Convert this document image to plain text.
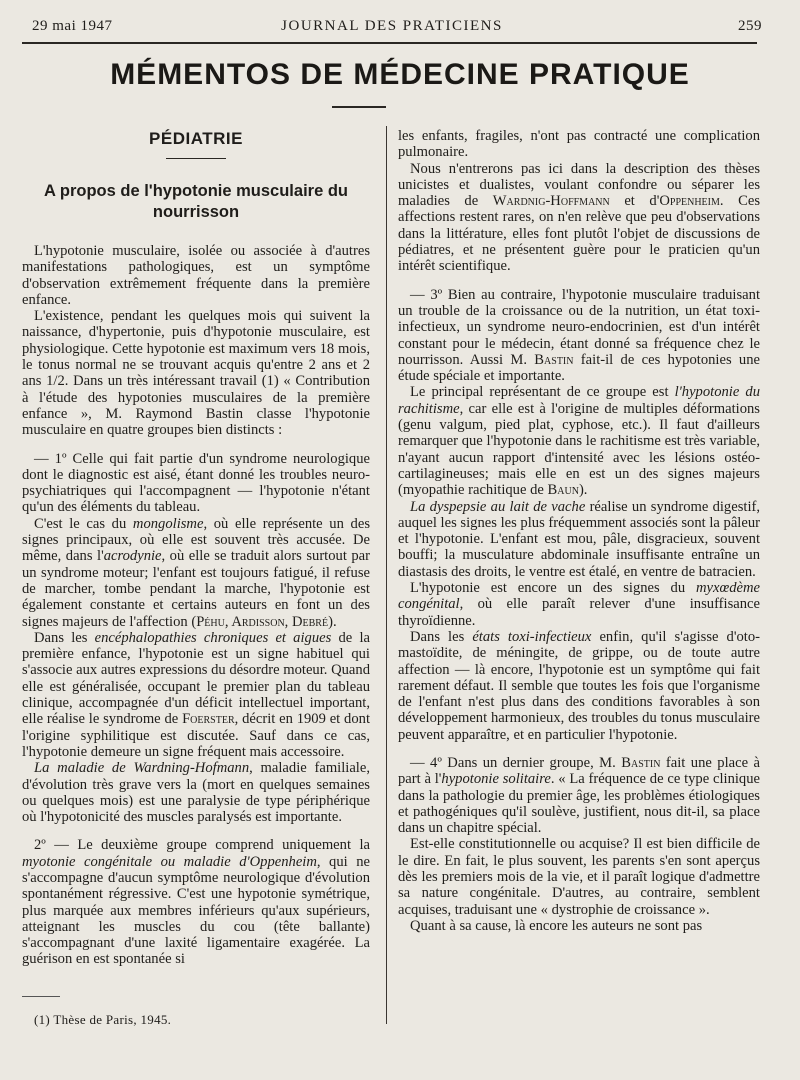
29 mai 1947	JOURNAL DES PRATICIENS	259
MÉMENTOS DE MÉDECINE PRATIQUE
PÉDIATRIE
A propos de l'hypotonie musculaire du nourrisson

L'hypotonie musculaire, isolée ou associée à d'autres manifestations pathologiques, est un symptôme d'observation extrêmement fréquente dans la première enfance.

L'existence, pendant les quelques mois qui suivent la naissance, d'hypertonie, puis d'hypotonie musculaire, est physiologique. Cette hypotonie est maximum vers 18 mois, le tonus normal ne se trouvant acquis qu'entre 2 ans et 2 ans 1/2. Dans un très intéressant travail (1) « Contribution à l'étude des hypotonies musculaires de la première enfance », M. Raymond Bastin classe l'hypotonie musculaire en quatre groupes bien distincts :

— 1º Celle qui fait partie d'un syndrome neurologique dont le diagnostic est aisé, étant donné les troubles neuro-psychiatriques qui l'accompagnent — l'hypotonie n'étant qu'un des éléments du tableau.

C'est le cas du mongolisme, où elle représente un des signes principaux, où elle est souvent très accusée. De même, dans l'acrodynie, où elle se traduit alors surtout par un syndrome moteur; l'enfant est toujours fatigué, il refuse de marcher, tombe pendant la marche, l'hypotonie est également constante et certains auteurs en font un des signes majeurs de l'affection (Péhu, Ardisson, Debré).

Dans les encéphalopathies chroniques et aigues de la première enfance, l'hypotonie est un signe habituel qui s'associe aux autres expressions du désordre moteur. Quand elle est généralisée, occupant le premier plan du tableau clinique, accompagnée d'un déficit intellectuel important, elle réalise le syndrome de Foerster, décrit en 1909 et dont l'origine syphilitique est discutée. Sauf dans ce cas, l'hypotonie demeure un signe fréquent mais accessoire.

La maladie de Wardning-Hofmann, maladie familiale, d'évolution très grave vers la (mort en quelques semaines ou quelques mois) est une paralysie de type périphérique où l'hypotonicité des muscles paralysés est importante.

2º — Le deuxième groupe comprend uniquement la myotonie congénitale ou maladie d'Oppenheim, qui ne s'accompagne d'aucun symptôme neurologique d'évolution spontanément régressive. C'est une hypotonie symétrique, plus marquée aux membres inférieurs qu'aux supérieurs, atteignant les muscles du cou (tête ballante) s'accompagnant d'une laxité ligamentaire exagérée. La guérison en est spontanée si

les enfants, fragiles, n'ont pas contracté une complication pulmonaire.

Nous n'entrerons pas ici dans la description des thèses unicistes et dualistes, voulant confondre ou séparer les maladies de Wardnig-Hoffmann et d'Oppenheim. Ces affections restent rares, on n'en relève que peu d'observations dans la littérature, elles font plutôt l'objet de discussions de pédiatres, et ne présentent guère pour le praticien qu'un intérêt scientifique.

— 3º Bien au contraire, l'hypotonie musculaire traduisant un trouble de la croissance ou de la nutrition, un état toxi-infectieux, un syndrome neuro-endocrinien, est d'un intérêt constant pour le médecin, étant donné sa fréquence chez le nourrisson. Aussi M. Bastin fait-il de ces hypotonies une étude spéciale et importante.

Le principal représentant de ce groupe est l'hypotonie du rachitisme, car elle est à l'origine de multiples déformations (genu valgum, pied plat, cyphose, etc.). Il faut d'ailleurs remarquer que l'hypotonie dans le rachitisme est très variable, n'ayant aucun rapport d'intensité avec les lésions ostéo-cartilagineuses; mais elle en est un des signes majeurs (myopathie rachitique de Baun).

La dyspepsie au lait de vache réalise un syndrome digestif, auquel les signes les plus fréquemment associés sont la pâleur et l'hypotonie. L'enfant est mou, pâle, disgracieux, souvent bouffi; la musculature abdominale insuffisante entraîne un diastasis des droits, le ventre est étalé, en ventre de batracien.

L'hypotonie est encore un des signes du myxœdème congénital, où elle paraît relever d'une insuffisance thyroïdienne.

Dans les états toxi-infectieux enfin, qu'il s'agisse d'oto-mastoïdite, de méningite, de grippe, ou de toute autre affection — là encore, l'hypotonie est un symptôme qui fait rarement défaut. Il semble que toutes les fois que l'organisme de l'enfant n'est plus dans des conditions favorables à son développement harmonieux, des troubles du tonus musculaire peuvent apparaître, et en particulier l'hypotonie.

— 4º Dans un dernier groupe, M. Bastin fait une place à part à l'hypotonie solitaire. « La fréquence de ce type clinique dans la pathologie du premier âge, les problèmes étiologiques et pathogéniques qu'il soulève, justifient, nous dit-il, sa place dans un chapitre spécial.

Est-elle constitutionnelle ou acquise? Il est bien difficile de le dire. En fait, le plus souvent, les parents s'en sont aperçus dès les premiers mois de la vie, et il paraît logique d'admettre sa nature congénitale. D'autres, au contraire, semblent acquises, traduisant une « dystrophie de croissance ».

Quant à sa cause, là encore les auteurs ne sont pas

(1) Thèse de Paris, 1945.
